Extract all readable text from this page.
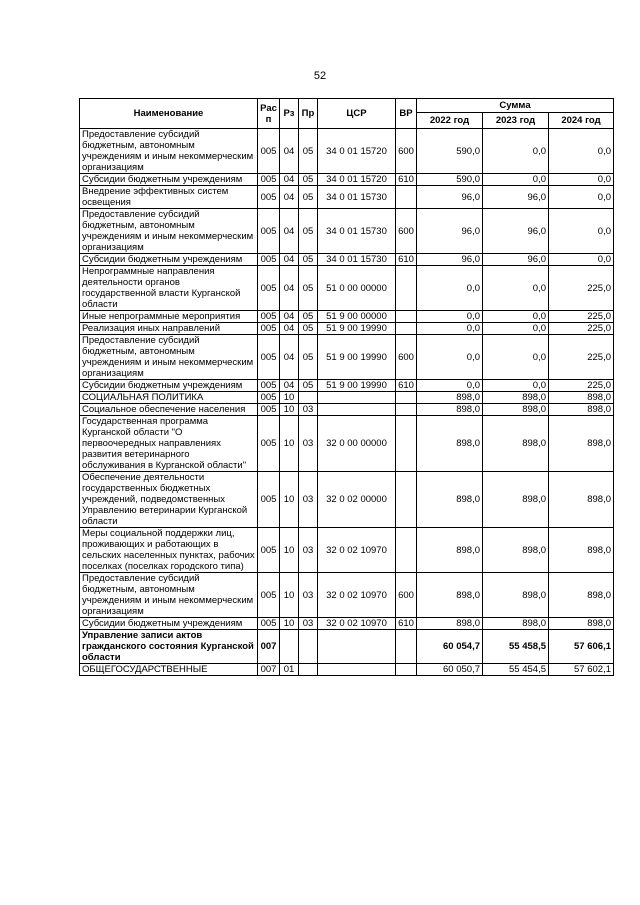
52
Наименование	Рас п	Рз	Пр	ЦСР	ВР	Сумма		
						2022 год	2023 год	2024 год
Предоставление субсидий бюджетным, автономным учреждениям и иным некоммерческим организациям	005	04	05	34 0 01 15720	600	590,0	0,0	0,0
Субсидии бюджетным учреждениям	005	04	05	34 0 01 15720	610	590,0	0,0	0,0
Внедрение эффективных систем освещения	005	04	05	34 0 01 15730		96,0	96,0	0,0
Предоставление субсидий бюджетным, автономным учреждениям и иным некоммерческим организациям	005	04	05	34 0 01 15730	600	96,0	96,0	0,0
Субсидии бюджетным учреждениям	005	04	05	34 0 01 15730	610	96,0	96,0	0,0
Непрограммные направления деятельности органов государственной власти Курганской области	005	04	05	51 0 00 00000		0,0	0,0	225,0
Иные непрограммные мероприятия	005	04	05	51 9 00 00000		0,0	0,0	225,0
Реализация иных направлений	005	04	05	51 9 00 19990		0,0	0,0	225,0
Предоставление субсидий бюджетным, автономным учреждениям и иным некоммерческим организациям	005	04	05	51 9 00 19990	600	0,0	0,0	225,0
Субсидии бюджетным учреждениям	005	04	05	51 9 00 19990	610	0,0	0,0	225,0
СОЦИАЛЬНАЯ ПОЛИТИКА	005	10				898,0	898,0	898,0
Социальное обеспечение населения	005	10	03			898,0	898,0	898,0
Государственная программа Курганской области "О первоочередных направлениях развития ветеринарного обслуживания в Курганской области"	005	10	03	32 0 00 00000		898,0	898,0	898,0
Обеспечение деятельности государственных бюджетных учреждений, подведомственных Управлению ветеринарии Курганской области	005	10	03	32 0 02 00000		898,0	898,0	898,0
Меры социальной поддержки лиц, проживающих и работающих в сельских населенных пунктах, рабочих поселках (поселках городского типа)	005	10	03	32 0 02 10970		898,0	898,0	898,0
Предоставление субсидий бюджетным, автономным учреждениям и иным некоммерческим организациям	005	10	03	32 0 02 10970	600	898,0	898,0	898,0
Субсидии бюджетным учреждениям	005	10	03	32 0 02 10970	610	898,0	898,0	898,0
Управление записи актов гражданского состояния Курганской области	007					60 054,7	55 458,5	57 606,1
ОБЩЕГОСУДАРСТВЕННЫЕ	007	01				60 050,7	55 454,5	57 602,1
